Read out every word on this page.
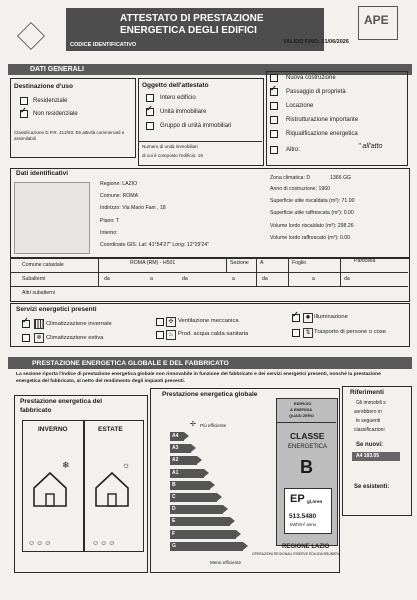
ATTESTATO DI PRESTAZIONE
ENERGETICA DEGLI EDIFICI
CODICE IDENTIFICATIVO	VALIDO FINO: 21/06/2026
APE
DATI GENERALI
Destinazione d'uso
Residenziale
✓ Non residenziale
Classificazione D.P.R. 412/93: E5 attività commerciali e assimilabili
Oggetto dell'attestato
Intero edificio
✓ Unità immobiliare
Gruppo di unità immobiliari
Numero di unità immobiliari
di cui è composto l'edificio: 18
Nuova costruzione
✓ Passaggio di proprietà
Locazione
Ristrutturazione importante
Riqualificazione energetica
Altro:	" all'atto
Dati identificativi
Regione: LAZIO
Comune: ROMA
Indirizzo: Via Mario Fani , 18
Piano: T
Interno:
Coordinate GIS: Lat: 41°54'27" Long: 12°29'24"
Zona climatica: D	1366 GG
Anno di costruzione: 1960
Superficie utile riscaldata (m²): 71.00
Superficie utile raffrescata (m²): 0.00
Volume lordo riscaldato (m³): 298.26
Volume lordo raffrescato (m³): 0.00
Comune catastale	ROMA (RM) - H501	Sezione A	Foglio	Particella
Subalterni	da	a	da	a	da	a	da
Altri subalterni
Servizi energetici presenti
✓	Climatizzazione invernale
❄ Climatizzazione estiva
✣ Ventilazione meccanica
♨ Prod. acqua calda sanitaria
✓	✹ Illuminazione
⇅ Trasporto di persone o cose
PRESTAZIONE ENERGETICA GLOBALE E DEL FABBRICATO
La sezione riporta l'indice di prestazione energetica globale non rinnovabile in funzione del fabbricato e dei servizi energetici presenti, nonché la prestazione energetica del fabbricato, al netto del rendimento degli impianti presenti.
Prestazione energetica del
fabbricato
INVERNO	ESTATE
❄	☼
☺☺☺	☺☺☺
Prestazione energetica globale
Più efficiente
✢
A4
A3
A2
A1
B
C
D
E
F
G
Meno efficiente
EDIFICIO
A ENERGIA
QUASI ZERO
CLASSE
ENERGETICA
B
EP gl,nren
513.5480
kWh/m² anno
REGIONE LAZIO
OPERAZIONI REGIONALI RISERVE EDILIZIA BRUNERA
Riferimenti
Gli immobili s
avrebbero in
le seguenti
classificazioni
Se nuovi:
A4 183.05
Se esistenti:
